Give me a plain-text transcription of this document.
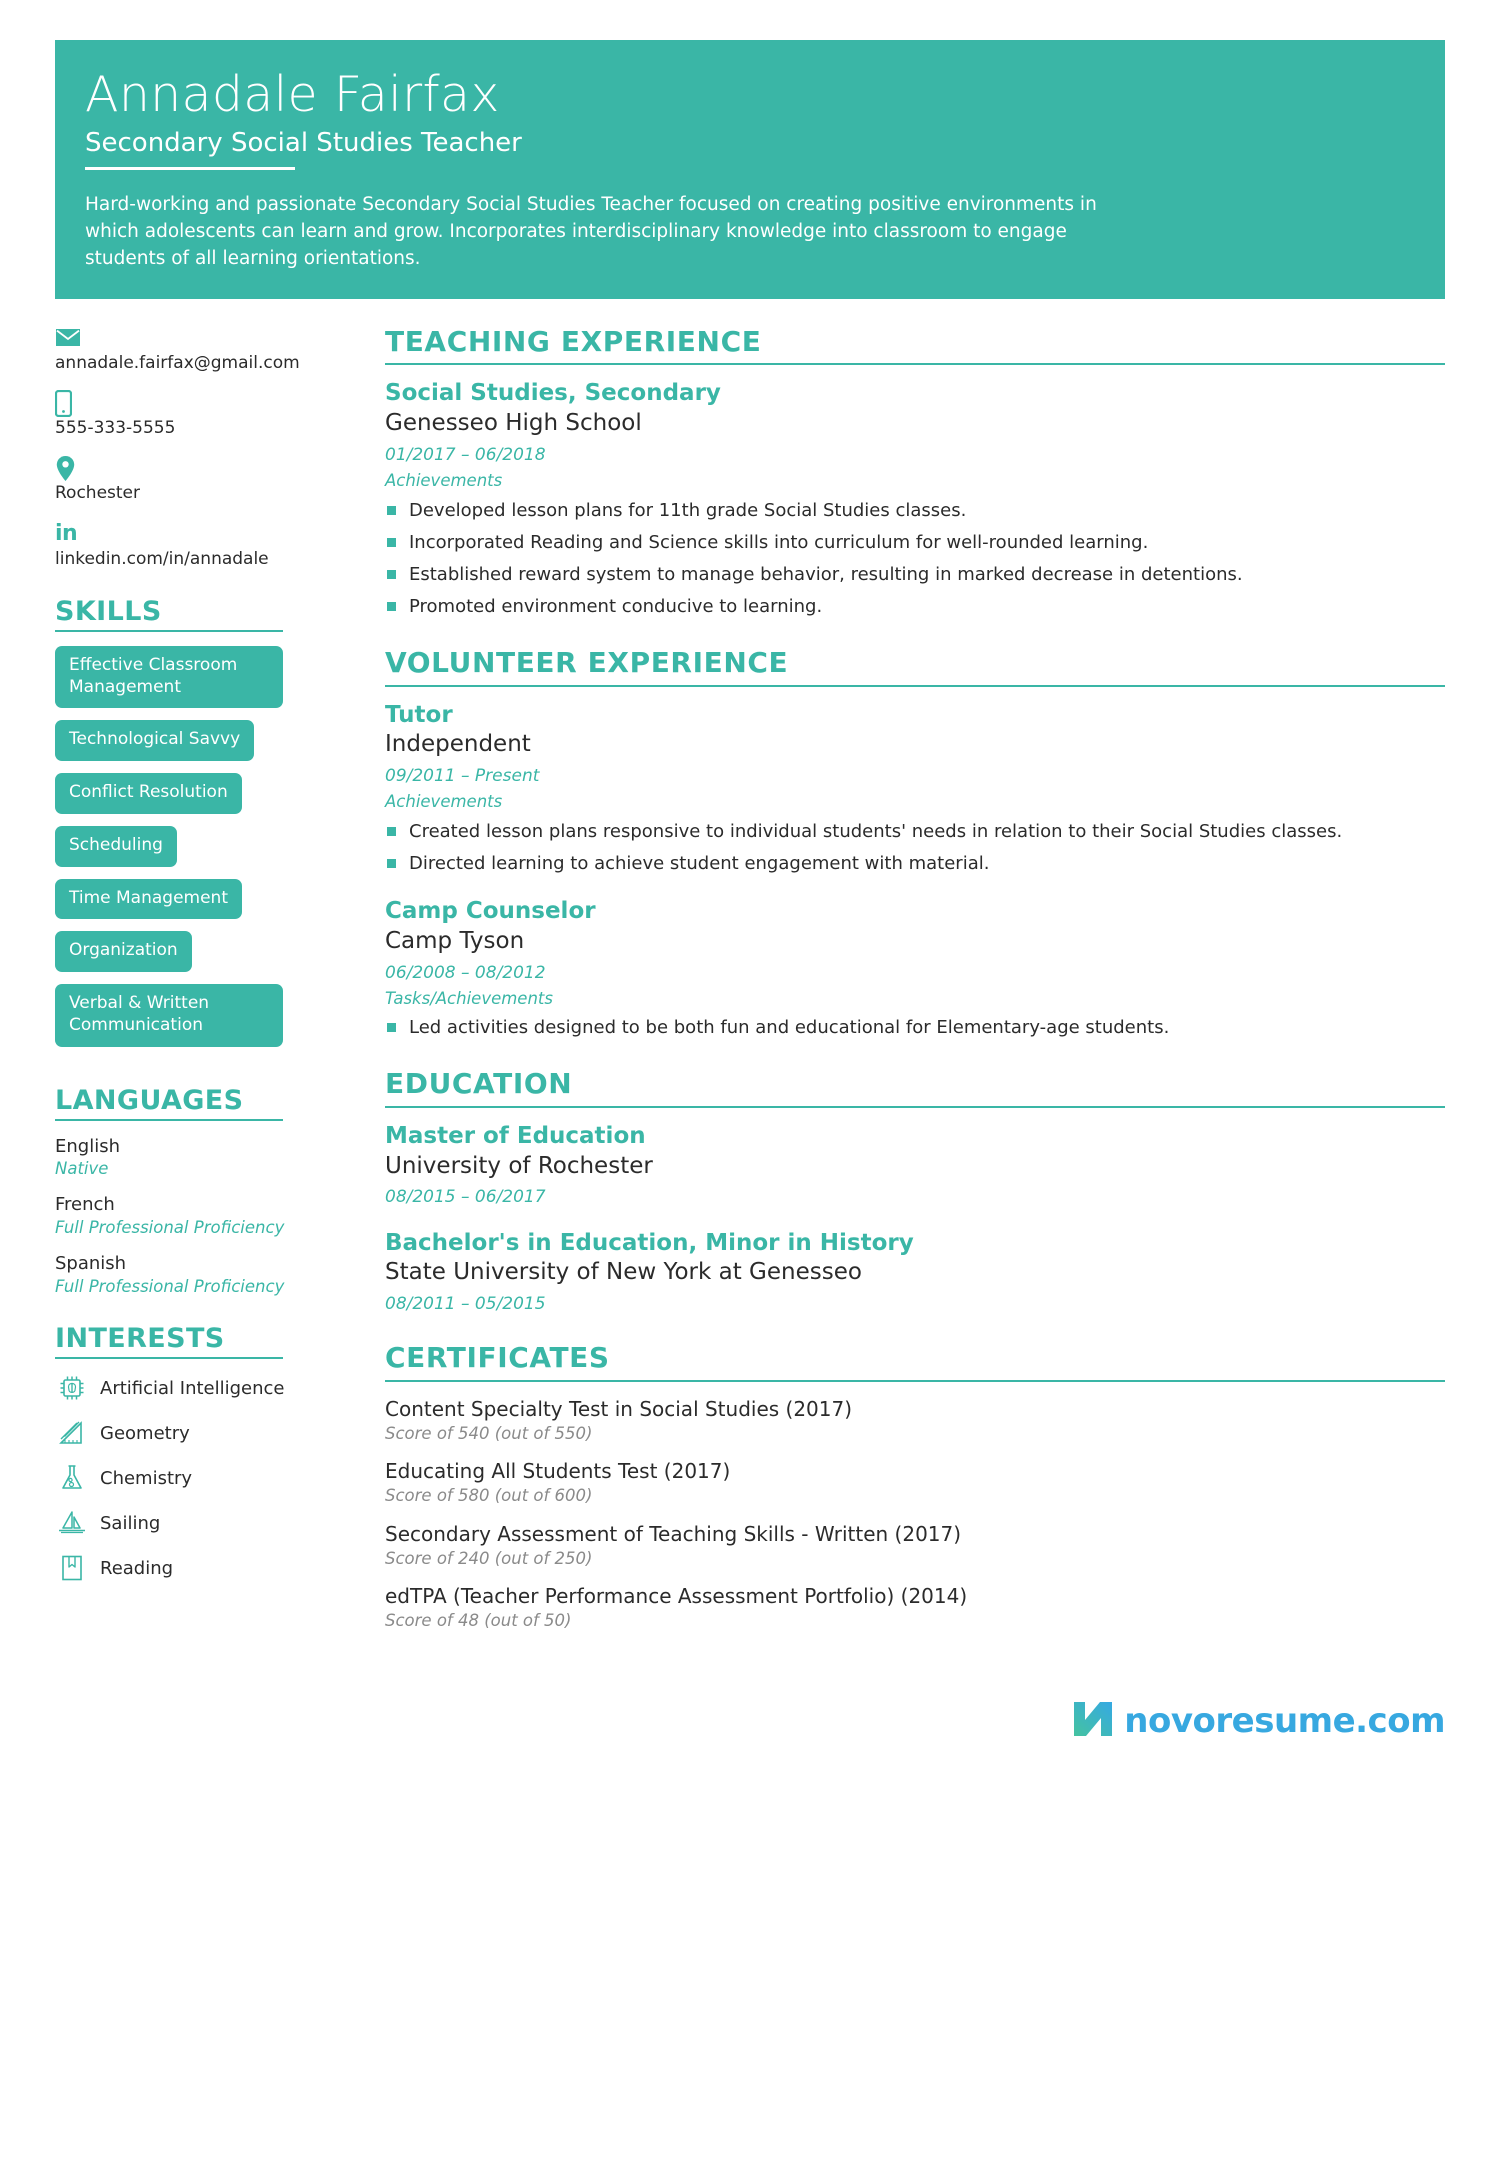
Annadale Fairfax
Secondary Social Studies Teacher
Hard-working and passionate Secondary Social Studies Teacher focused on creating positive environments in which adolescents can learn and grow. Incorporates interdisciplinary knowledge into classroom to engage students of all learning orientations.
annadale.fairfax@gmail.com
555-333-5555
Rochester
in
linkedin.com/in/annadale
SKILLS
Effective Classroom Management Technological Savvy Conflict Resolution Scheduling Time Management Organization Verbal & Written Communication
LANGUAGES
English
Native
French
Full Professional Proficiency
Spanish
Full Professional Proficiency
INTERESTS
Artificial Intelligence
Geometry
Chemistry
Sailing
Reading
TEACHING EXPERIENCE
Social Studies, Secondary
Genesseo High School
01/2017 – 06/2018
Achievements
Developed lesson plans for 11th grade Social Studies classes.
Incorporated Reading and Science skills into curriculum for well-rounded learning.
Established reward system to manage behavior, resulting in marked decrease in detentions.
Promoted environment conducive to learning.
VOLUNTEER EXPERIENCE
Tutor
Independent
09/2011 – Present
Achievements
Created lesson plans responsive to individual students' needs in relation to their Social Studies classes.
Directed learning to achieve student engagement with material.
Camp Counselor
Camp Tyson
06/2008 – 08/2012
Tasks/Achievements
Led activities designed to be both fun and educational for Elementary-age students.
EDUCATION
Master of Education
University of Rochester
08/2015 – 06/2017
Bachelor's in Education, Minor in History
State University of New York at Genesseo
08/2011 – 05/2015
CERTIFICATES
Content Specialty Test in Social Studies (2017)
Score of 540 (out of 550)
Educating All Students Test (2017)
Score of 580 (out of 600)
Secondary Assessment of Teaching Skills - Written (2017)
Score of 240 (out of 250)
edTPA (Teacher Performance Assessment Portfolio) (2014)
Score of 48 (out of 50)
novoresume.com
